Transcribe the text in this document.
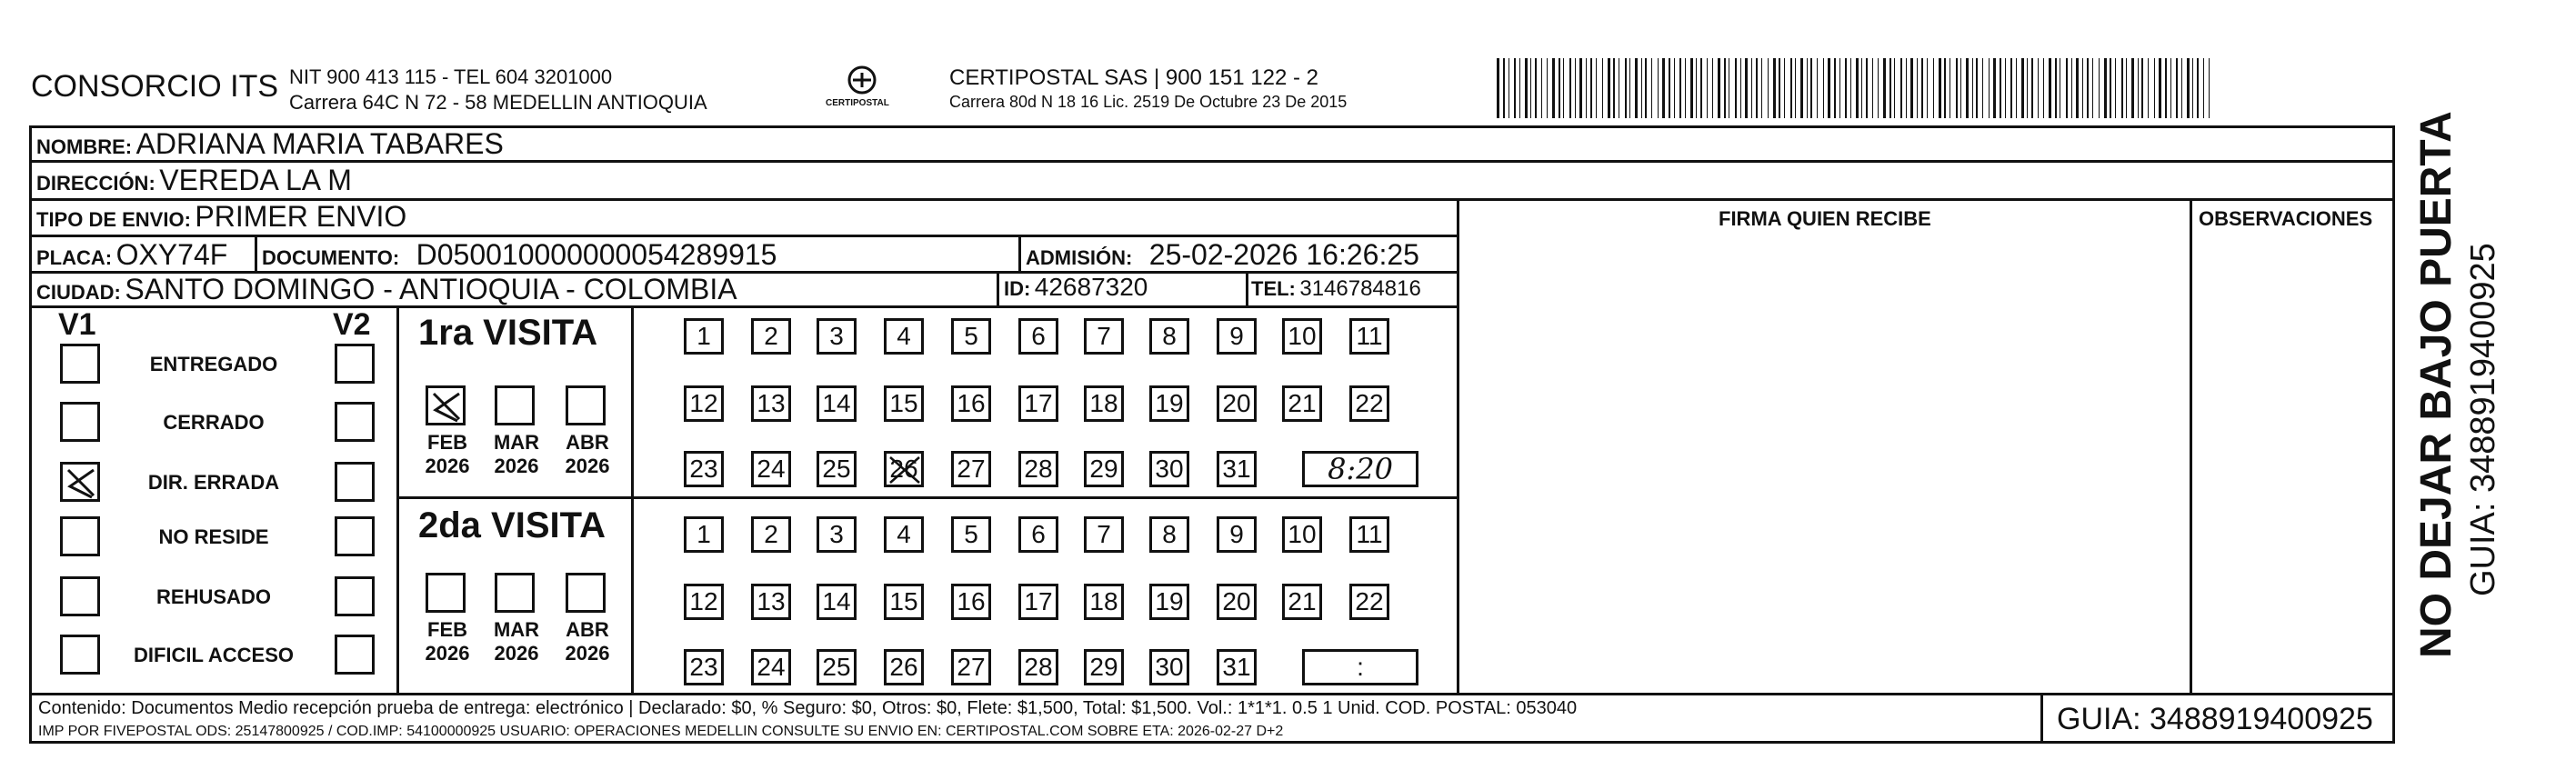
CONSORCIO ITS NIT 900 413 115 - TEL 604 3201000
Carrera 64C N 72 - 58 MEDELLIN ANTIOQUIA	CERTIPOSTAL
CERTIPOSTAL SAS | 900 151 122 - 2
Carrera 80d N 18 16 Lic. 2519 De Octubre 23 De 2015
NOMBRE: ADRIANA MARIA TABARES
DIRECCIÓN: VEREDA LA M
TIPO DE ENVIO: PRIMER ENVIO	FIRMA QUIEN RECIBE	OBSERVACIONES
PLACA: OXY74F DOCUMENTO: D050010000000054289915	ADMISIÓN: 25-02-2026 16:26:25
CIUDAD: SANTO DOMINGO - ANTIOQUIA - COLOMBIA	ID: 42687320	TEL: 3146784816
V1	V2
ENTREGADO
CERRADO
DIR. ERRADA
NO RESIDE
REHUSADO
DIFICIL ACCESO
1ra VISITA
2da VISITA
1	2	3	4	5	6	7	8	9	10 11
12 13 14 15 16 17 18 19 20 21 22
23 24 25 26 27 28 29 30 31	8:20
1	2	3	4	5	6	7	8	9	10 11
12 13 14 15 16 17 18 19 20 21 22
23 24 25 26 27 28 29 30 31	:
FEB
2026
MAR
2026
ABR
2026
FEB
2026
MAR
2026
ABR
2026
Contenido: Documentos Medio recepción prueba de entrega: electrónico | Declarado: $0, % Seguro: $0, Otros: $0, Flete: $1,500, Total: $1,500. Vol.: 1*1*1. 0.5 1 Unid. COD. POSTAL: 053040
IMP POR FIVEPOSTAL ODS: 25147800925 / COD.IMP: 54100000925 USUARIO: OPERACIONES MEDELLIN CONSULTE SU ENVIO EN: CERTIPOSTAL.COM SOBRE ETA: 2026-02-27 D+2	GUIA: 3488919400925
NO DEJAR BAJO PUERTA GUIA: 3488919400925
